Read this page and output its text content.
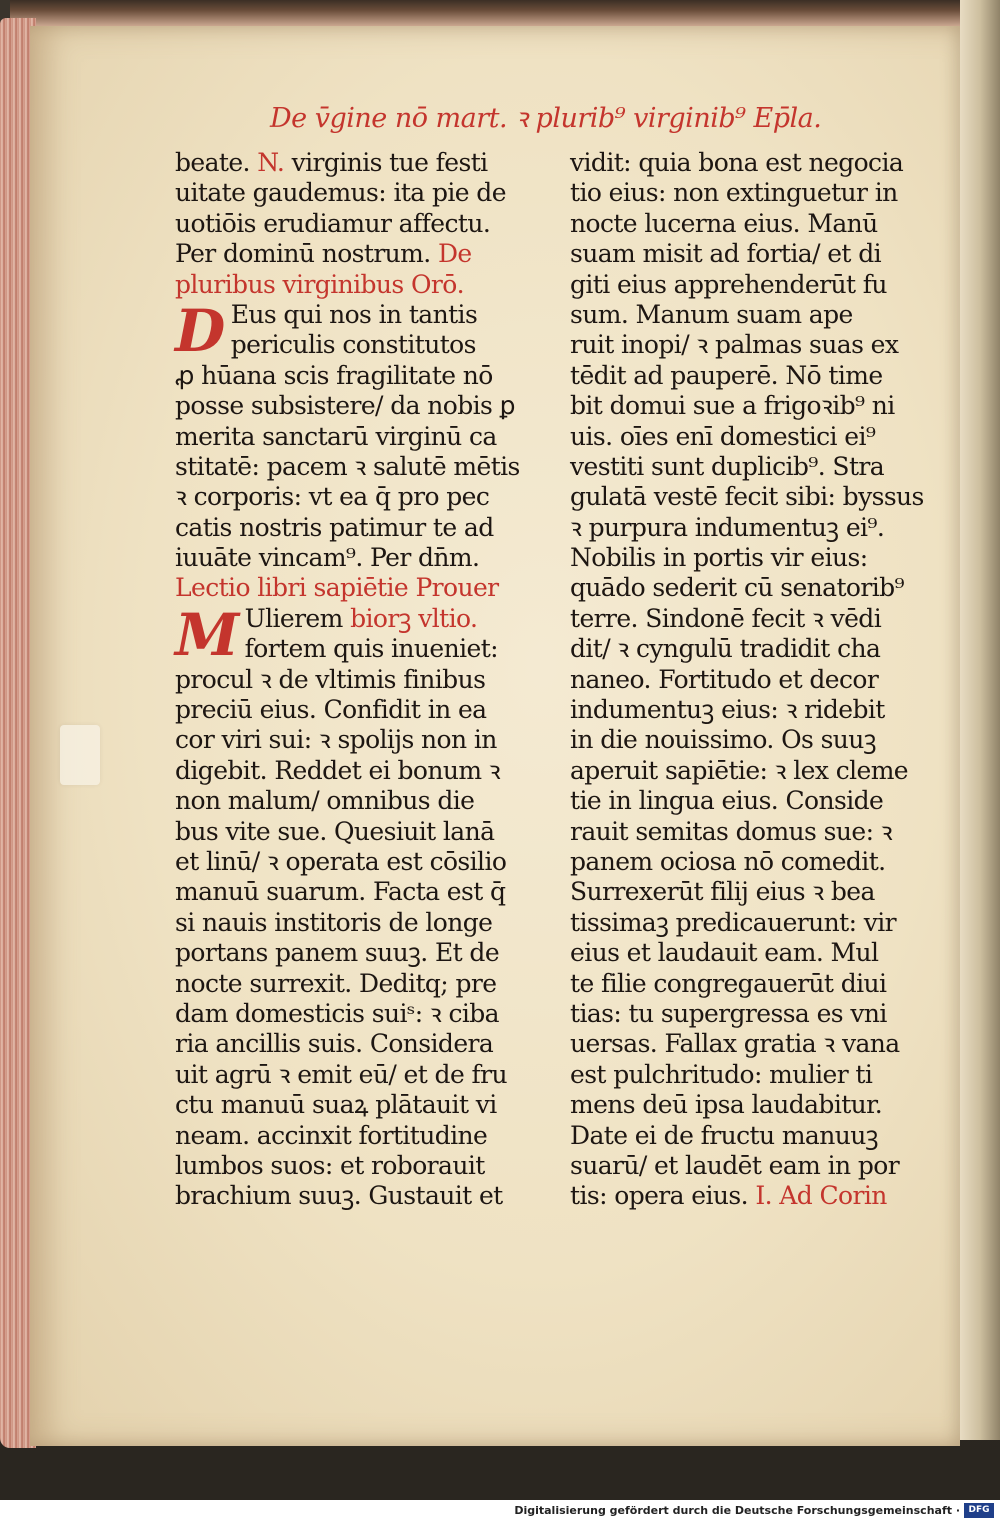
De v̄gine nō mart. ꝛ plurib⁹ virginib⁹ Ep̄la.
beate. N. virginis tue festi
uitate gaudemus: ita pie de
uotiōis erudiamur affectu.
Per dominū nostrum. De
pluribus virginibus Orō.
D Eus qui nos in tantis
periculis constitutos
ꝓ hūana scis fragilitate nō
posse subsistere/ da nobis ꝑ
merita sanctarū virginū ca
stitatē: pacem ꝛ salutē mētis
ꝛ corporis: vt ea q̄ pro pec
catis nostris patimur te ad
iuuāte vincam⁹. Per dn̄m.
Lectio libri sapiētie Prouer
M Ulierem biorꝫ vltio.
fortem quis inueniet:
procul ꝛ de vltimis finibus
preciū eius. Confidit in ea
cor viri sui: ꝛ spolijs non in
digebit. Reddet ei bonum ꝛ
non malum/ omnibus die
bus vite sue. Quesiuit lanā
et linū/ ꝛ operata est cōsilio
manuū suarum. Facta est q̄
si nauis institoris de longe
portans panem suuꝫ. Et de
nocte surrexit. Deditq; pre
dam domesticis suiˢ: ꝛ ciba
ria ancillis suis. Considera
uit agrū ꝛ emit eū/ et de fru
ctu manuū suaꝝ plātauit vi
neam. accinxit fortitudine
lumbos suos: et roborauit
brachium suuꝫ. Gustauit et
vidit: quia bona est negocia
tio eius: non extinguetur in
nocte lucerna eius. Manū
suam misit ad fortia/ et di
giti eius apprehenderūt fu
sum. Manum suam ape
ruit inopi/ ꝛ palmas suas ex
tēdit ad pauperē. Nō time
bit domui sue a frigoꝛib⁹ ni
uis. oīes enī domestici ei⁹
vestiti sunt duplicib⁹. Stra
gulatā vestē fecit sibi: byssus
ꝛ purpura indumentuꝫ ei⁹.
Nobilis in portis vir eius:
quādo sederit cū senatorib⁹
terre. Sindonē fecit ꝛ vēdi
dit/ ꝛ cyngulū tradidit cha
naneo. Fortitudo et decor
indumentuꝫ eius: ꝛ ridebit
in die nouissimo. Os suuꝫ
aperuit sapiētie: ꝛ lex cleme
tie in lingua eius. Conside
rauit semitas domus sue: ꝛ
panem ociosa nō comedit.
Surrexerūt filij eius ꝛ bea
tissimaꝫ predicauerunt: vir
eius et laudauit eam. Mul
te filie congregauerūt diui
tias: tu supergressa es vni
uersas. Fallax gratia ꝛ vana
est pulchritudo: mulier ti
mens deū ipsa laudabitur.
Date ei de fructu manuuꝫ
suarū/ et laudēt eam in por
tis: opera eius. I. Ad Corin
Digitalisierung gefördert durch die Deutsche Forschungsgemeinschaft · DFG
